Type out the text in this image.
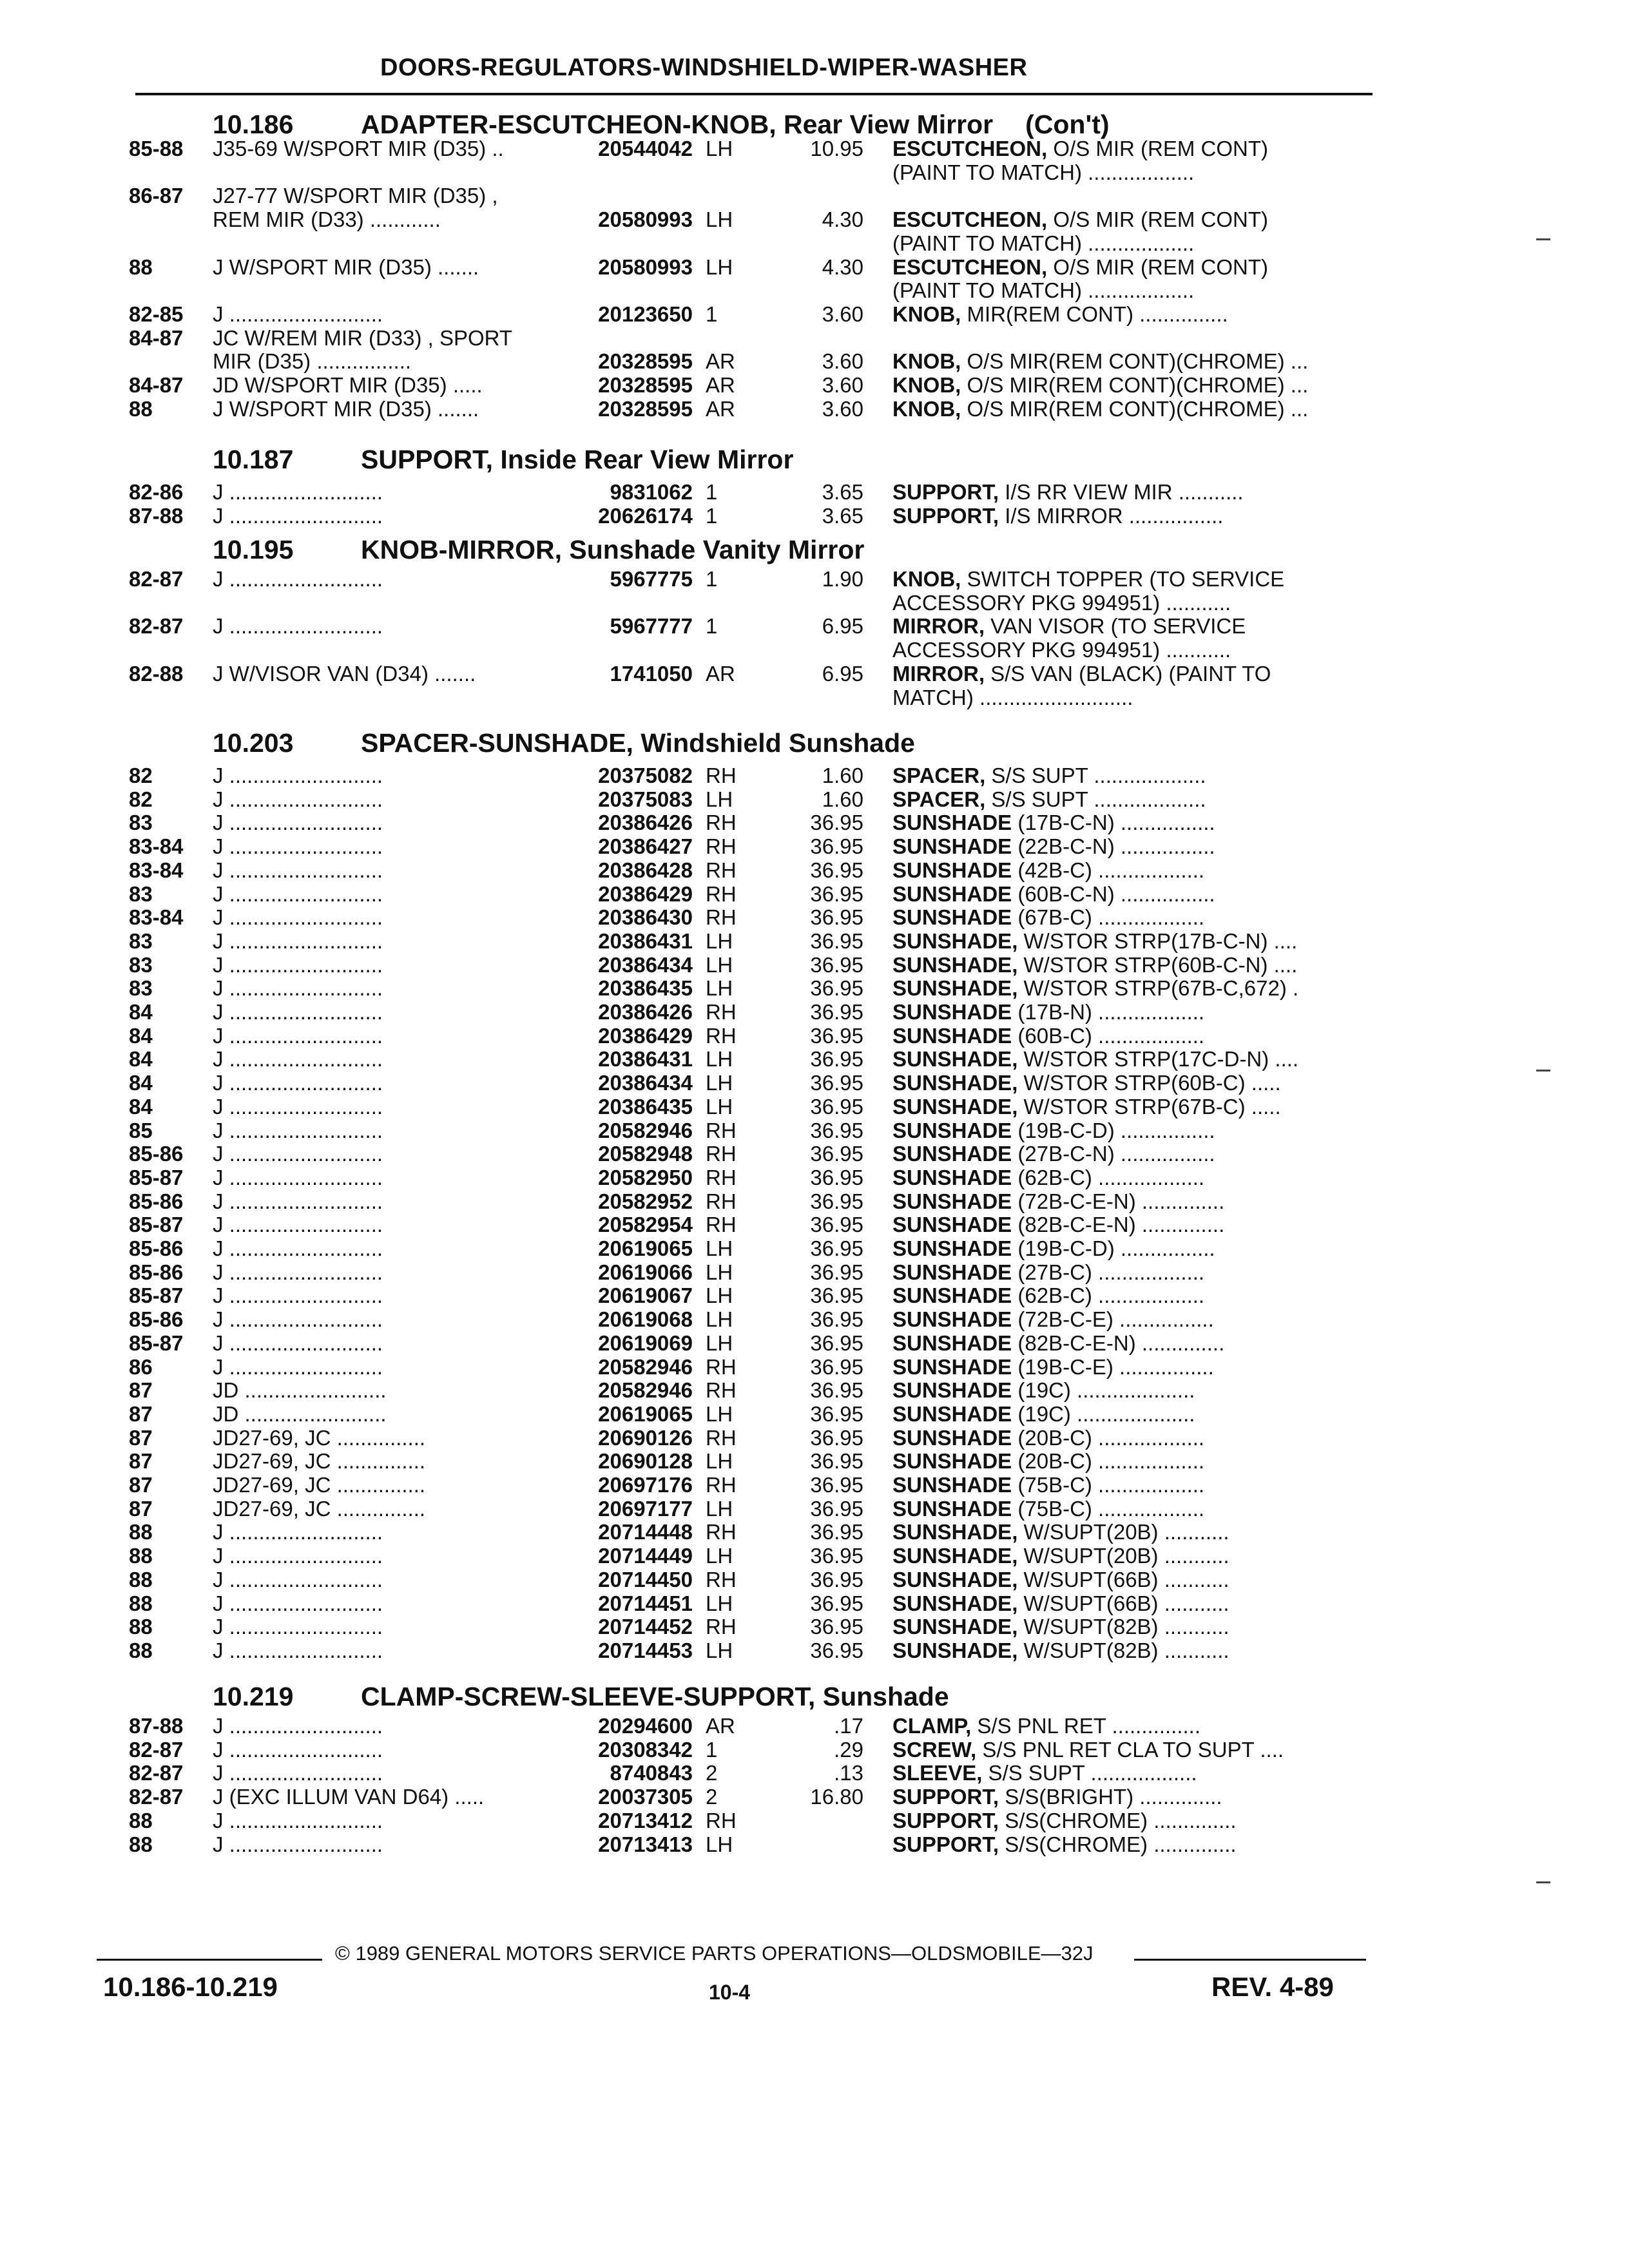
DOORS-REGULATORS-WINDSHIELD-WIPER-WASHER
10.186	ADAPTER-ESCUTCHEON-KNOB, Rear View Mirror (Con't)
85-88 J35-69 W/SPORT MIR (D35) ..	20544042 LH	10.95 ESCUTCHEON, O/S MIR (REM CONT)
(PAINT TO MATCH) ..................
86-87 J27-77 W/SPORT MIR (D35) ,
REM MIR (D33) ............	20580993 LH	4.30 ESCUTCHEON, O/S MIR (REM CONT)
(PAINT TO MATCH) ..................
88	J W/SPORT MIR (D35) .......	20580993 LH	4.30 ESCUTCHEON, O/S MIR (REM CONT)
(PAINT TO MATCH) ..................
82-85 J ..........................	20123650 1	3.60 KNOB, MIR(REM CONT) ...............
84-87 JC W/REM MIR (D33) , SPORT
MIR (D35) ................	20328595 AR	3.60 KNOB, O/S MIR(REM CONT)(CHROME) ...
84-87 JD W/SPORT MIR (D35) .....	20328595 AR	3.60 KNOB, O/S MIR(REM CONT)(CHROME) ...
88	J W/SPORT MIR (D35) .......	20328595 AR	3.60 KNOB, O/S MIR(REM CONT)(CHROME) ...
10.187	SUPPORT, Inside Rear View Mirror
82-86 J ..........................	9831062 1	3.65 SUPPORT, I/S RR VIEW MIR ...........
87-88 J ..........................	20626174 1	3.65 SUPPORT, I/S MIRROR ................
10.195	KNOB-MIRROR, Sunshade Vanity Mirror
82-87 J ..........................	5967775 1	1.90 KNOB, SWITCH TOPPER (TO SERVICE
ACCESSORY PKG 994951) ...........
82-87 J ..........................	5967777 1	6.95 MIRROR, VAN VISOR (TO SERVICE
ACCESSORY PKG 994951) ...........
82-88 J W/VISOR VAN (D34) .......	1741050 AR	6.95 MIRROR, S/S VAN (BLACK) (PAINT TO
MATCH) ..........................
10.203	SPACER-SUNSHADE, Windshield Sunshade
82	J ..........................	20375082 RH	1.60 SPACER, S/S SUPT ...................
82	J ..........................	20375083 LH	1.60 SPACER, S/S SUPT ...................
83	J ..........................	20386426 RH	36.95 SUNSHADE (17B-C-N) ................
83-84 J ..........................	20386427 RH	36.95 SUNSHADE (22B-C-N) ................
83-84 J ..........................	20386428 RH	36.95 SUNSHADE (42B-C) ..................
83	J ..........................	20386429 RH	36.95 SUNSHADE (60B-C-N) ................
83-84 J ..........................	20386430 RH	36.95 SUNSHADE (67B-C) ..................
83	J ..........................	20386431 LH	36.95 SUNSHADE, W/STOR STRP(17B-C-N) ....
83	J ..........................	20386434 LH	36.95 SUNSHADE, W/STOR STRP(60B-C-N) ....
83	J ..........................	20386435 LH	36.95 SUNSHADE, W/STOR STRP(67B-C,672) .
84	J ..........................	20386426 RH	36.95 SUNSHADE (17B-N) ..................
84	J ..........................	20386429 RH	36.95 SUNSHADE (60B-C) ..................
84	J ..........................	20386431 LH	36.95 SUNSHADE, W/STOR STRP(17C-D-N) ....
84	J ..........................	20386434 LH	36.95 SUNSHADE, W/STOR STRP(60B-C) .....
84	J ..........................	20386435 LH	36.95 SUNSHADE, W/STOR STRP(67B-C) .....
85	J ..........................	20582946 RH	36.95 SUNSHADE (19B-C-D) ................
85-86 J ..........................	20582948 RH	36.95 SUNSHADE (27B-C-N) ................
85-87 J ..........................	20582950 RH	36.95 SUNSHADE (62B-C) ..................
85-86 J ..........................	20582952 RH	36.95 SUNSHADE (72B-C-E-N) ..............
85-87 J ..........................	20582954 RH	36.95 SUNSHADE (82B-C-E-N) ..............
85-86 J ..........................	20619065 LH	36.95 SUNSHADE (19B-C-D) ................
85-86 J ..........................	20619066 LH	36.95 SUNSHADE (27B-C) ..................
85-87 J ..........................	20619067 LH	36.95 SUNSHADE (62B-C) ..................
85-86 J ..........................	20619068 LH	36.95 SUNSHADE (72B-C-E) ................
85-87 J ..........................	20619069 LH	36.95 SUNSHADE (82B-C-E-N) ..............
86	J ..........................	20582946 RH	36.95 SUNSHADE (19B-C-E) ................
87	JD ........................	20582946 RH	36.95 SUNSHADE (19C) ....................
87	JD ........................	20619065 LH	36.95 SUNSHADE (19C) ....................
87	JD27-69, JC ...............	20690126 RH	36.95 SUNSHADE (20B-C) ..................
87	JD27-69, JC ...............	20690128 LH	36.95 SUNSHADE (20B-C) ..................
87	JD27-69, JC ...............	20697176 RH	36.95 SUNSHADE (75B-C) ..................
87	JD27-69, JC ...............	20697177 LH	36.95 SUNSHADE (75B-C) ..................
88	J ..........................	20714448 RH	36.95 SUNSHADE, W/SUPT(20B) ...........
88	J ..........................	20714449 LH	36.95 SUNSHADE, W/SUPT(20B) ...........
88	J ..........................	20714450 RH	36.95 SUNSHADE, W/SUPT(66B) ...........
88	J ..........................	20714451 LH	36.95 SUNSHADE, W/SUPT(66B) ...........
88	J ..........................	20714452 RH	36.95 SUNSHADE, W/SUPT(82B) ...........
88	J ..........................	20714453 LH	36.95 SUNSHADE, W/SUPT(82B) ...........
10.219	CLAMP-SCREW-SLEEVE-SUPPORT, Sunshade
87-88 J ..........................	20294600 AR	.17 CLAMP, S/S PNL RET ...............
82-87 J ..........................	20308342 1	.29 SCREW, S/S PNL RET CLA TO SUPT ....
82-87 J ..........................	8740843 2	.13 SLEEVE, S/S SUPT ..................
82-87 J (EXC ILLUM VAN D64) .....	20037305 2	16.80 SUPPORT, S/S(BRIGHT) ..............
88	J ..........................	20713412 RH	SUPPORT, S/S(CHROME) ..............
88	J ..........................	20713413 LH	SUPPORT, S/S(CHROME) ..............
© 1989 GENERAL MOTORS SERVICE PARTS OPERATIONS—OLDSMOBILE—32J
10.186-10.219	10-4	REV. 4-89
